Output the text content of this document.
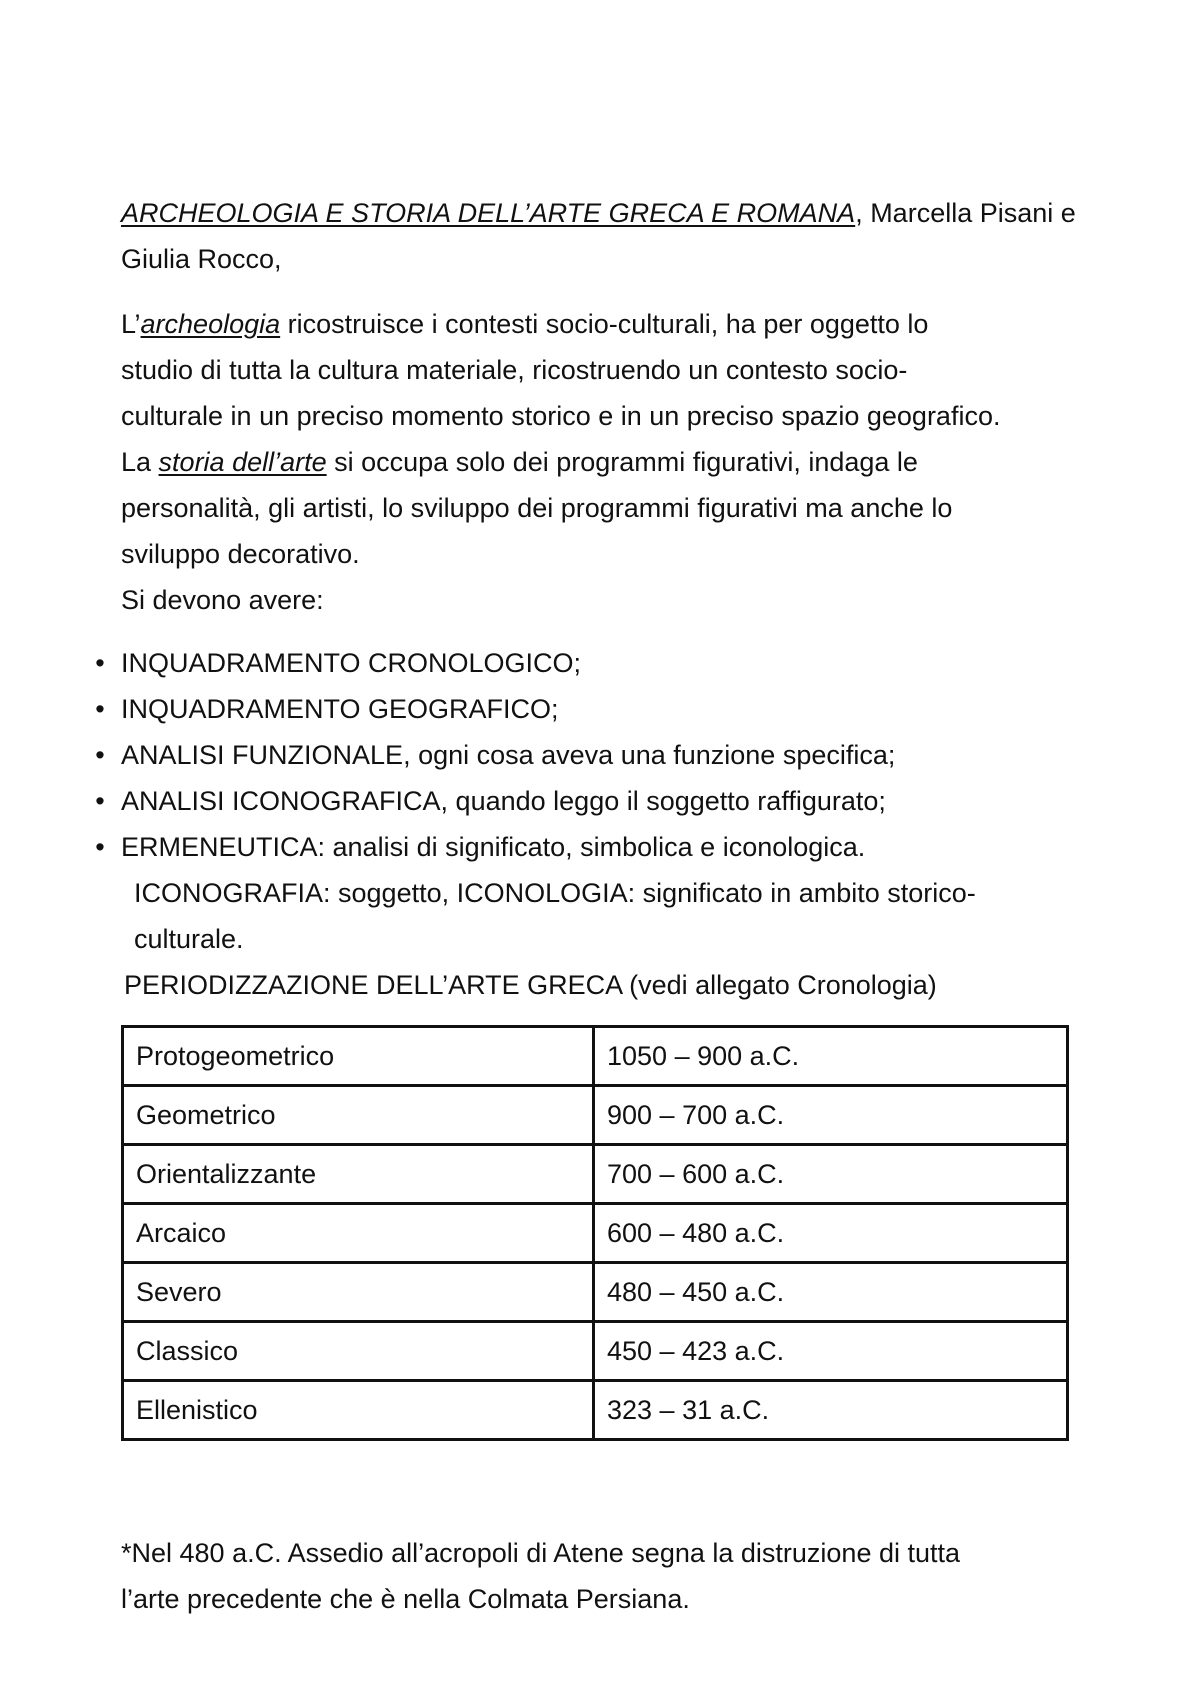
ARCHEOLOGIA E STORIA DELL’ARTE GRECA E ROMANA, Marcella Pisani e
Giulia Rocco,
L’archeologia ricostruisce i contesti socio-culturali, ha per oggetto lo
studio di tutta la cultura materiale, ricostruendo un contesto socio-
culturale in un preciso momento storico e in un preciso spazio geografico.
La storia dell’arte si occupa solo dei programmi figurativi, indaga le
personalità, gli artisti, lo sviluppo dei programmi figurativi ma anche lo
sviluppo decorativo.
Si devono avere:
• INQUADRAMENTO CRONOLOGICO;
• INQUADRAMENTO GEOGRAFICO;
• ANALISI FUNZIONALE, ogni cosa aveva una funzione specifica;
• ANALISI ICONOGRAFICA, quando leggo il soggetto raffigurato;
• ERMENEUTICA: analisi di significato, simbolica e iconologica.
ICONOGRAFIA: soggetto, ICONOLOGIA: significato in ambito storico-
culturale.
PERIODIZZAZIONE DELL’ARTE GRECA (vedi allegato Cronologia)
Protogeometrico	1050 – 900 a.C.
Geometrico	900 – 700 a.C.
Orientalizzante	700 – 600 a.C.
Arcaico	600 – 480 a.C.
Severo	480 – 450 a.C.
Classico	450 – 423 a.C.
Ellenistico	323 – 31 a.C.
*Nel 480 a.C. Assedio all’acropoli di Atene segna la distruzione di tutta
l’arte precedente che è nella Colmata Persiana.
